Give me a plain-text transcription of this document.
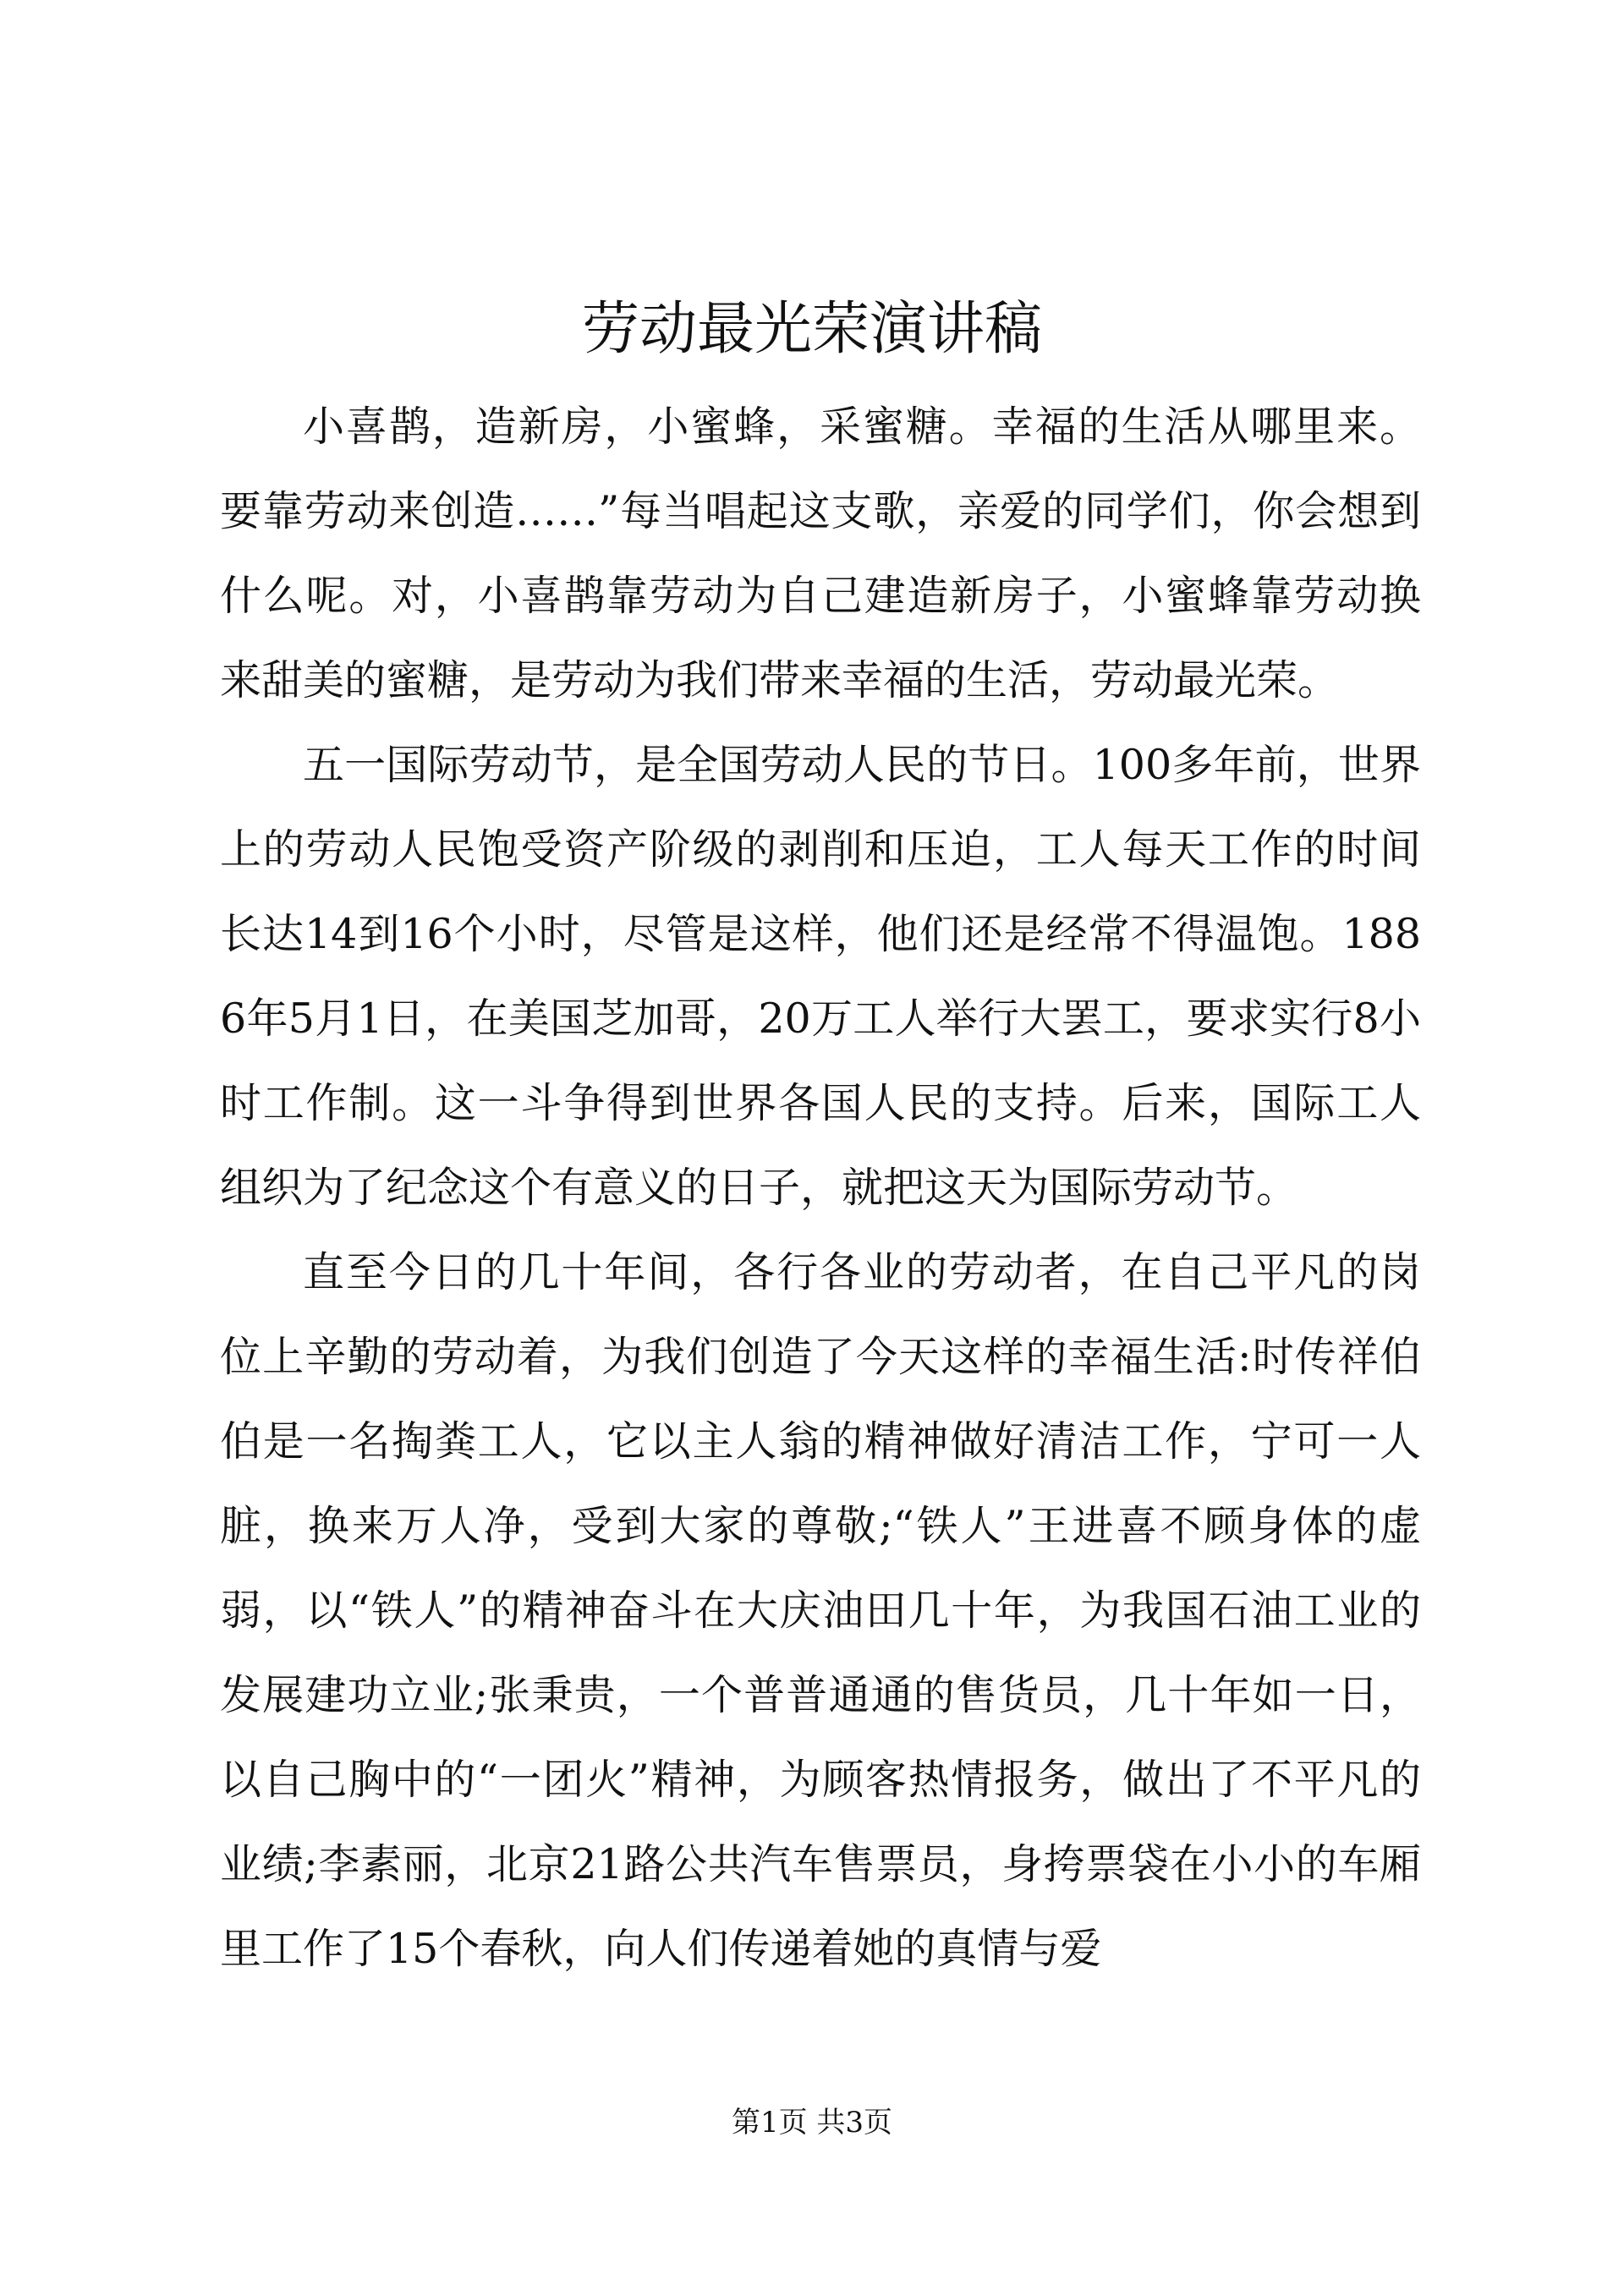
劳动最光荣演讲稿

小喜鹊，造新房，小蜜蜂，采蜜糖。幸福的生活从哪里来。要靠劳动来创造……”每当唱起这支歌，亲爱的同学们，你会想到什么呢。对，小喜鹊靠劳动为自己建造新房子，小蜜蜂靠劳动换来甜美的蜜糖，是劳动为我们带来幸福的生活，劳动最光荣。

五一国际劳动节，是全国劳动人民的节日。100多年前，世界上的劳动人民饱受资产阶级的剥削和压迫，工人每天工作的时间长达14到16个小时，尽管是这样，他们还是经常不得温饱。1886年5月1日，在美国芝加哥，20万工人举行大罢工，要求实行8小时工作制。这一斗争得到世界各国人民的支持。后来，国际工人组织为了纪念这个有意义的日子，就把这天为国际劳动节。

直至今日的几十年间，各行各业的劳动者，在自己平凡的岗位上辛勤的劳动着，为我们创造了今天这样的幸福生活:时传祥伯伯是一名掏粪工人，它以主人翁的精神做好清洁工作，宁可一人脏，换来万人净，受到大家的尊敬;“铁人”王进喜不顾身体的虚弱，以“铁人”的精神奋斗在大庆油田几十年，为我国石油工业的发展建功立业;张秉贵，一个普普通通的售货员，几十年如一日，以自己胸中的“一团火”精神，为顾客热情报务，做出了不平凡的业绩;李素丽，北京21路公共汽车售票员，身挎票袋在小小的车厢里工作了15个春秋，向人们传递着她的真情与爱

第1页 共3页
